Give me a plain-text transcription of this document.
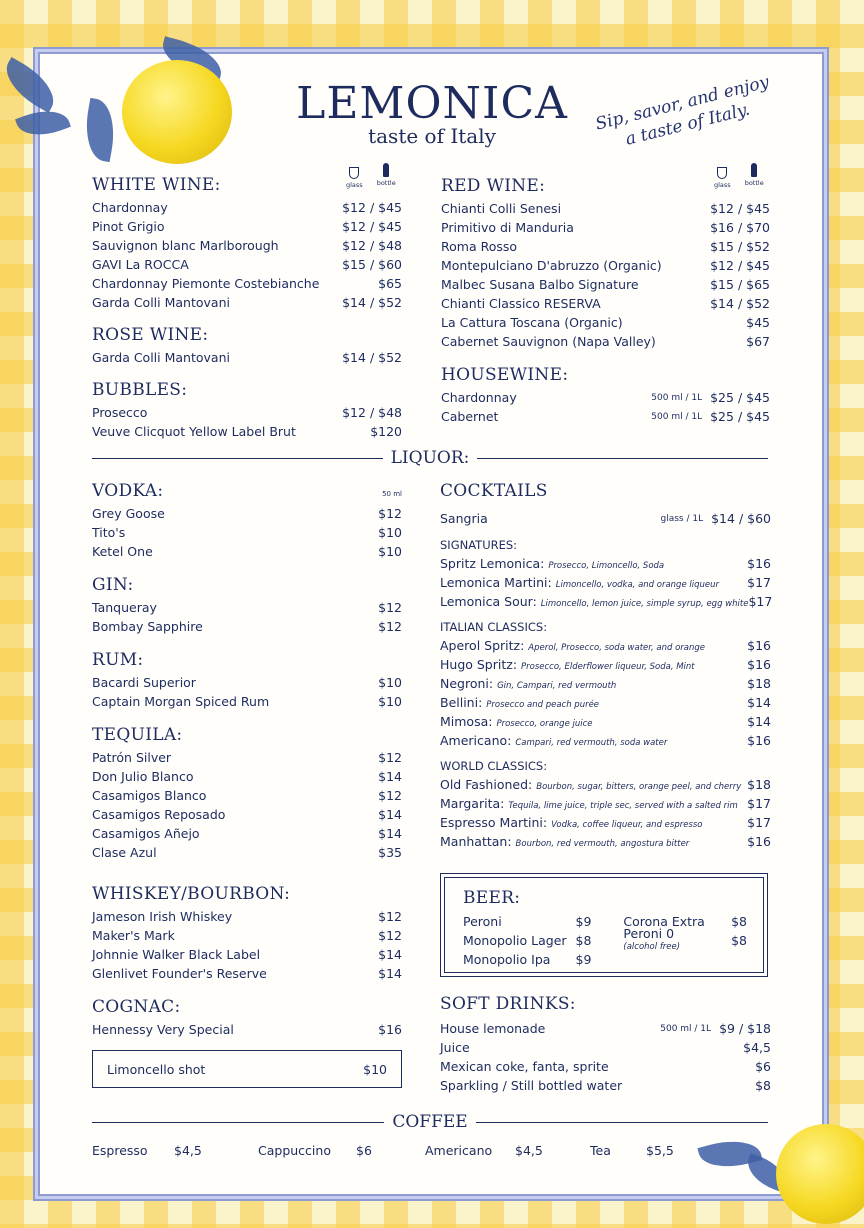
LEMONICA
taste of Italy
Sip, savor, and enjoy a taste of Italy.
glass bottle	glass bottle
WHITE WINE:
Chardonnay	$12 / $45
Pinot Grigio	$12 / $45
Sauvignon blanc Marlborough	$12 / $48
GAVI La ROCCA	$15 / $60
Chardonnay Piemonte Costebianche	$65
Garda Colli Mantovani	$14 / $52
ROSE WINE:
Garda Colli Mantovani	$14 / $52
BUBBLES:
Prosecco	$12 / $48
Veuve Clicquot Yellow Label Brut	$120
RED WINE:
Chianti Colli Senesi	$12 / $45
Primitivo di Manduria	$16 / $70
Roma Rosso	$15 / $52
Montepulciano D'abruzzo (Organic)	$12 / $45
Malbec Susana Balbo Signature	$15 / $65
Chianti Classico RESERVA	$14 / $52
La Cattura Toscana (Organic)	$45
Cabernet Sauvignon (Napa Valley)	$67
HOUSEWINE:
Chardonnay	500 ml / 1L $25 / $45
Cabernet	500 ml / 1L $25 / $45
LIQUOR:
VODKA:	50 ml
Grey Goose	$12
Tito's	$10
Ketel One	$10
GIN:
Tanqueray	$12
Bombay Sapphire	$12
RUM:
Bacardi Superior	$10
Captain Morgan Spiced Rum	$10
TEQUILA:
Patrón Silver	$12
Don Julio Blanco	$14
Casamigos Blanco	$12
Casamigos Reposado	$14
Casamigos Añejo	$14
Clase Azul	$35
WHISKEY/BOURBON:
Jameson Irish Whiskey	$12
Maker's Mark	$12
Johnnie Walker Black Label	$14
Glenlivet Founder's Reserve	$14
COGNAC:
Hennessy Very Special	$16
Limoncello shot	$10
COCKTAILS
Sangria	glass / 1L $14 / $60
SIGNATURES:
Spritz Lemonica: Prosecco, Limoncello, Soda	$16
Lemonica Martini: Limoncello, vodka, and orange liqueur	$17
Lemonica Sour: Limoncello, lemon juice, simple syrup, egg white $17
ITALIAN CLASSICS:
Aperol Spritz: Aperol, Prosecco, soda water, and orange	$16
Hugo Spritz: Prosecco, Elderflower liqueur, Soda, Mint	$16
Negroni: Gin, Campari, red vermouth	$18
Bellini: Prosecco and peach purée	$14
Mimosa: Prosecco, orange juice	$14
Americano: Campari, red vermouth, soda water	$16
WORLD CLASSICS:
Old Fashioned: Bourbon, sugar, bitters, orange peel, and cherry $18
Margarita: Tequila, lime juice, triple sec, served with a salted rim $17
Espresso Martini: Vodka, coffee liqueur, and espresso	$17
Manhattan: Bourbon, red vermouth, angostura bitter	$16
BEER:
Peroni	$9
Monopolio Lager $8
Monopolio Ipa	$9
Corona Extra	$8
Peroni 0
(alcohol free)	$8
SOFT DRINKS:
House lemonade	500 ml / 1L $9 / $18
Juice	$4,5
Mexican coke, fanta, sprite	$6
Sparkling / Still bottled water	$8
COFFEE
Espresso	$4,5	Cappuccino	$6	Americano	$4,5	Tea	$5,5
